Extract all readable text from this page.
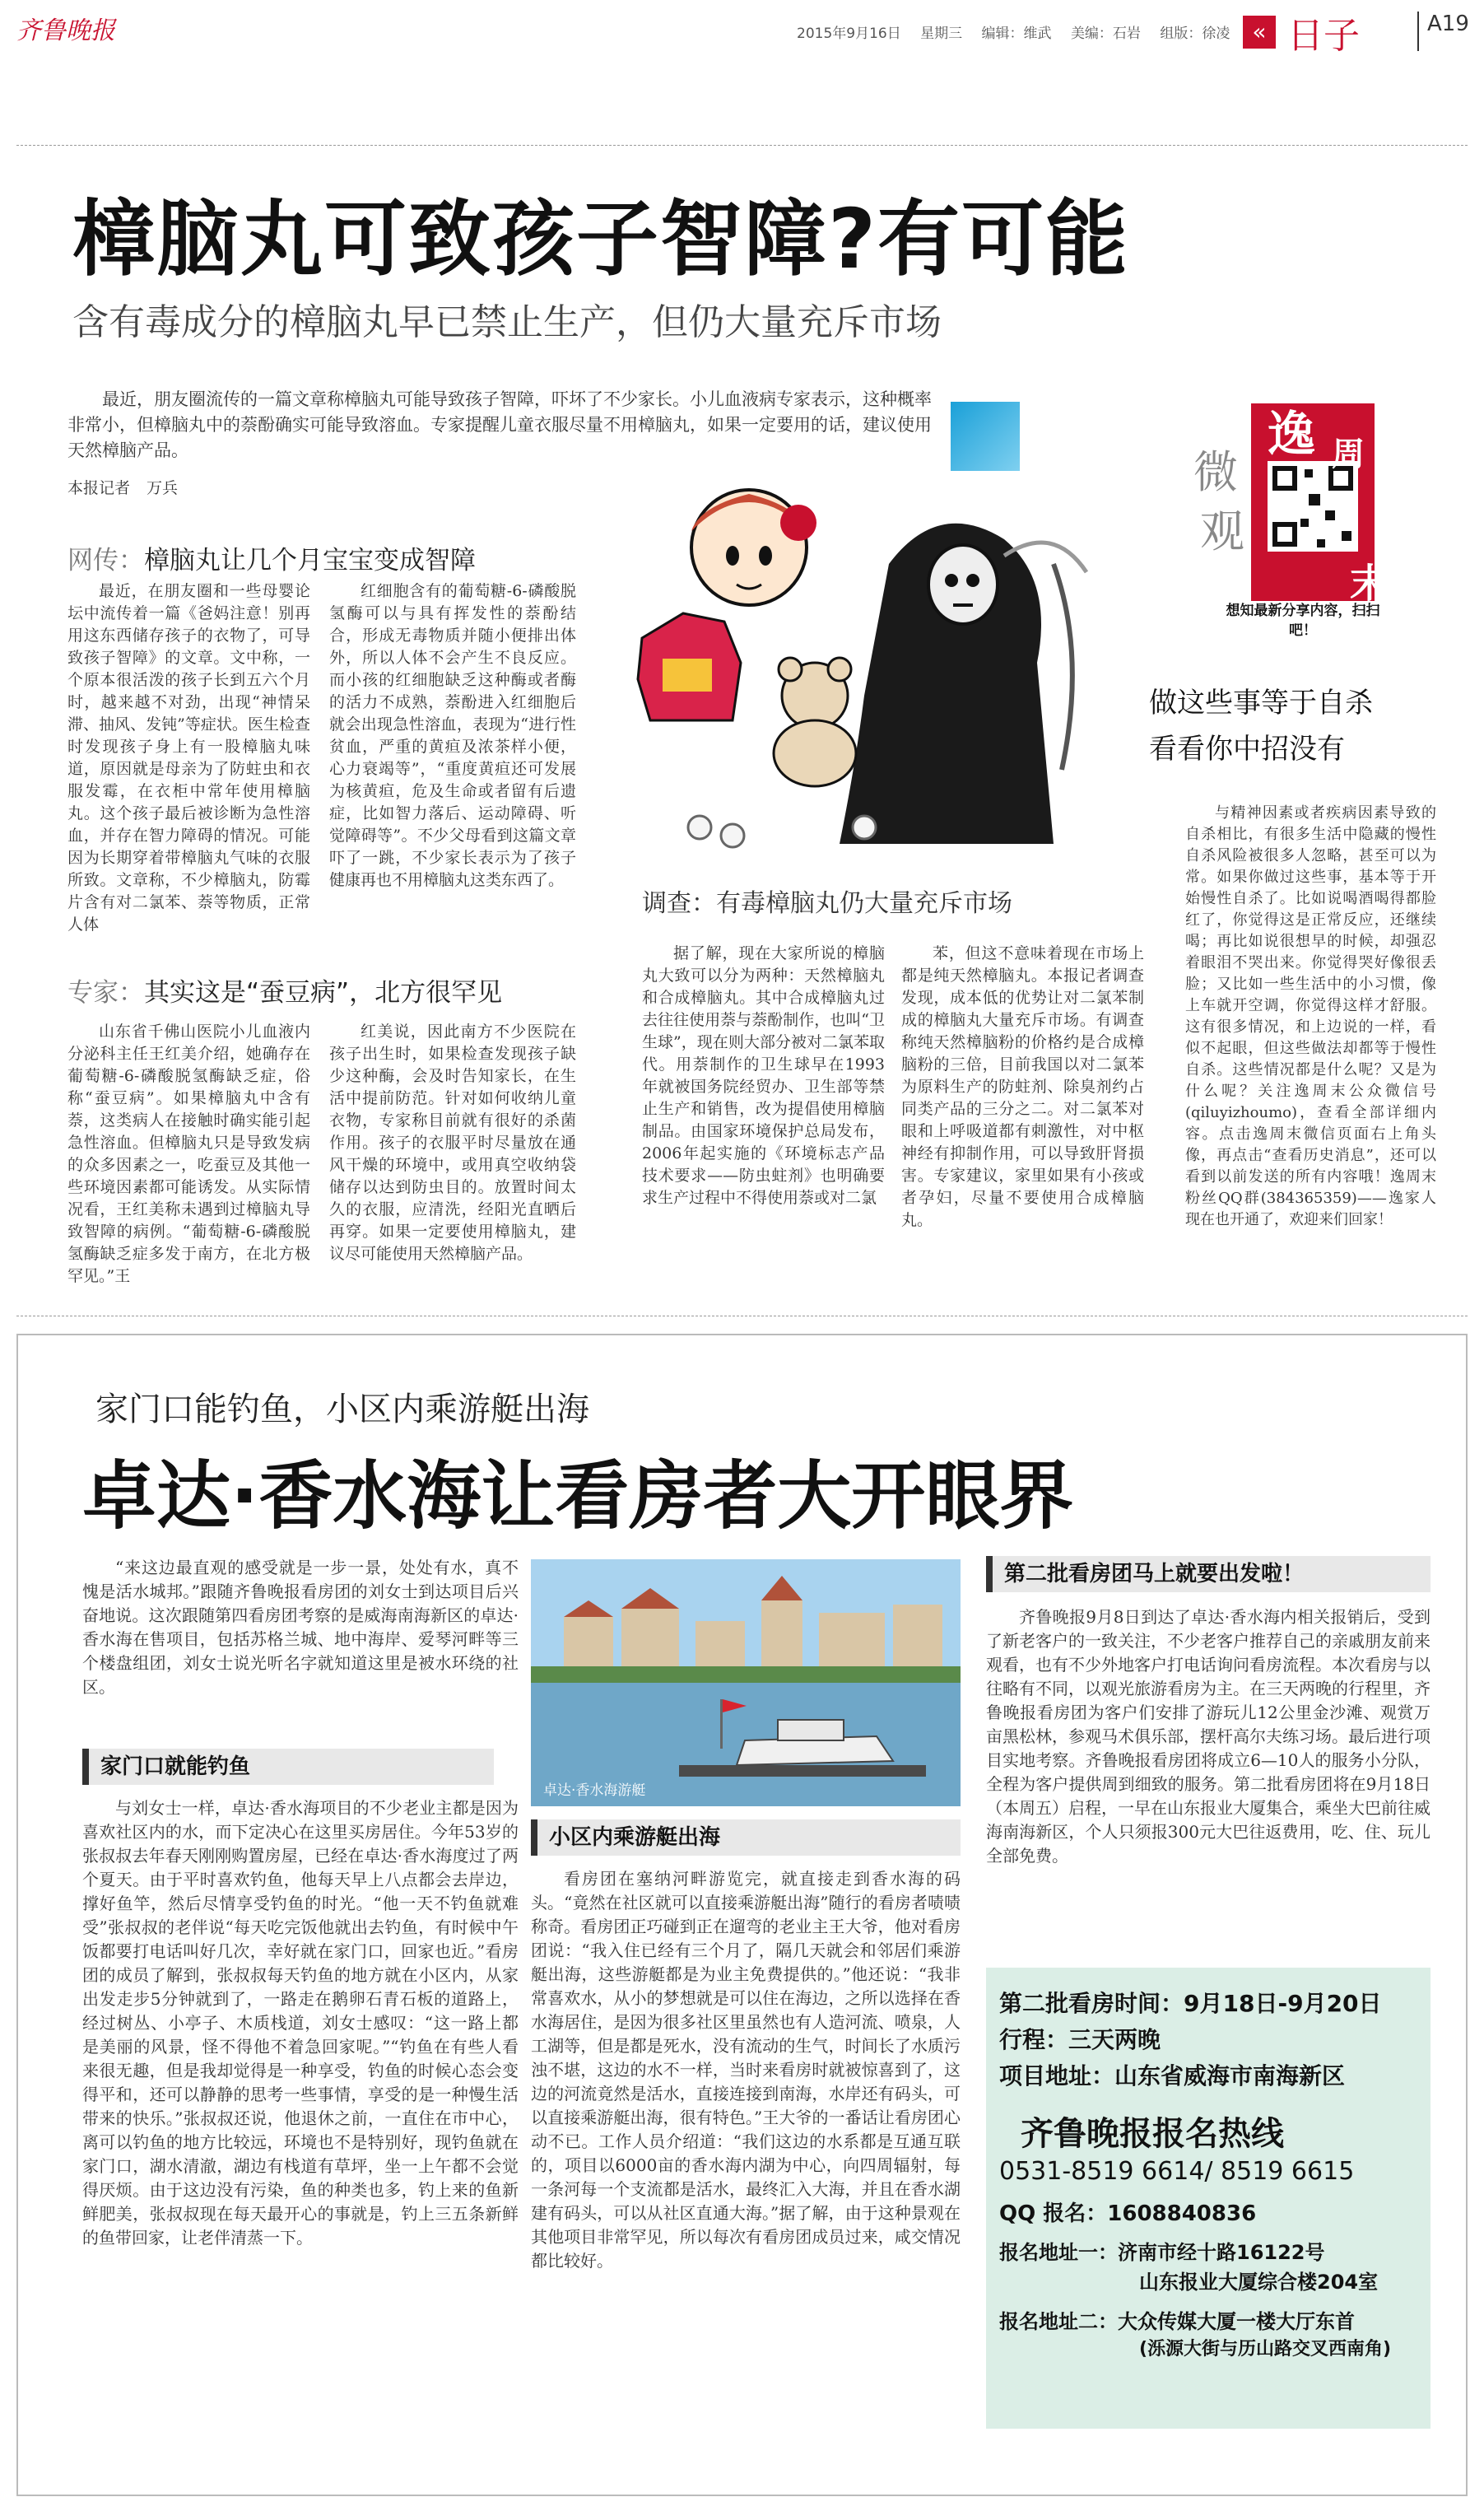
齐鲁晚报	2015年9月16日 星期三 编辑：维武 美编：石岩 组版：徐凌 « 日子	A19
樟脑丸可致孩子智障?有可能
含有毒成分的樟脑丸早已禁止生产，但仍大量充斥市场

最近，朋友圈流传的一篇文章称樟脑丸可能导致孩子智障，吓坏了不少家长。小儿血液病专家表示，这种概率非常小，但樟脑丸中的萘酚确实可能导致溶血。专家提醒儿童衣服尽量不用樟脑丸，如果一定要用的话，建议使用天然樟脑产品。

本报记者 万兵
网传：樟脑丸让几个月宝宝变成智障

最近，在朋友圈和一些母婴论坛中流传着一篇《爸妈注意！别再用这东西储存孩子的衣物了，可导致孩子智障》的文章。文中称，一个原本很活泼的孩子长到五六个月时，越来越不对劲，出现“神情呆滞、抽风、发钝”等症状。医生检查时发现孩子身上有一股樟脑丸味道，原因就是母亲为了防蛀虫和衣服发霉，在衣柜中常年使用樟脑丸。这个孩子最后被诊断为急性溶血，并存在智力障碍的情况。可能因为长期穿着带樟脑丸气味的衣服所致。文章称，不少樟脑丸，防霉片含有对二氯苯、萘等物质，正常人体

红细胞含有的葡萄糖-6-磷酸脱氢酶可以与具有挥发性的萘酚结合，形成无毒物质并随小便排出体外，所以人体不会产生不良反应。而小孩的红细胞缺乏这种酶或者酶的活力不成熟，萘酚进入红细胞后就会出现急性溶血，表现为“进行性贫血，严重的黄疸及浓茶样小便，心力衰竭等”，“重度黄疸还可发展为核黄疸，危及生命或者留有后遗症，比如智力落后、运动障碍、听觉障碍等”。不少父母看到这篇文章吓了一跳，不少家长表示为了孩子健康再也不用樟脑丸这类东西了。

专家：其实这是“蚕豆病”，北方很罕见

山东省千佛山医院小儿血液内分泌科主任王红美介绍，她确存在葡萄糖-6-磷酸脱氢酶缺乏症，俗称“蚕豆病”。如果樟脑丸中含有萘，这类病人在接触时确实能引起急性溶血。但樟脑丸只是导致发病的众多因素之一，吃蚕豆及其他一些环境因素都可能诱发。从实际情况看，王红美称未遇到过樟脑丸导致智障的病例。“葡萄糖-6-磷酸脱氢酶缺乏症多发于南方，在北方极罕见。”王

红美说，因此南方不少医院在孩子出生时，如果检查发现孩子缺少这种酶，会及时告知家长，在生活中提前防范。针对如何收纳儿童衣物，专家称目前就有很好的杀菌作用。孩子的衣服平时尽量放在通风干燥的环境中，或用真空收纳袋储存以达到防虫目的。放置时间太久的衣服，应清洗，经阳光直晒后再穿。如果一定要使用樟脑丸，建议尽可能使用天然樟脑产品。

调查：有毒樟脑丸仍大量充斥市场

据了解，现在大家所说的樟脑丸大致可以分为两种：天然樟脑丸和合成樟脑丸。其中合成樟脑丸过去往往使用萘与萘酚制作，也叫“卫生球”，现在则大部分被对二氯苯取代。用萘制作的卫生球早在1993年就被国务院经贸办、卫生部等禁止生产和销售，改为提倡使用樟脑制品。由国家环境保护总局发布，2006年起实施的《环境标志产品技术要求——防虫蛀剂》也明确要求生产过程中不得使用萘或对二氯

苯，但这不意味着现在市场上都是纯天然樟脑丸。本报记者调查发现，成本低的优势让对二氯苯制成的樟脑丸大量充斥市场。有调查称纯天然樟脑粉的价格约是合成樟脑粉的三倍，目前我国以对二氯苯为原料生产的防蛀剂、除臭剂约占同类产品的三分之二。对二氯苯对眼和上呼吸道都有刺激性，对中枢神经有抑制作用，可以导致肝肾损害。专家建议，家里如果有小孩或者孕妇，尽量不要使用合成樟脑丸。

微
观
逸 周
末
想知最新分享内容，扫扫吧！
做这些事等于自杀
看看你中招没有

与精神因素或者疾病因素导致的自杀相比，有很多生活中隐藏的慢性自杀风险被很多人忽略，甚至可以为常。如果你做过这些事，基本等于开始慢性自杀了。比如说喝酒喝得都脸红了，你觉得这是正常反应，还继续喝；再比如说很想早的时候，却强忍着眼泪不哭出来。你觉得哭好像很丢脸；又比如一些生活中的小习惯，像上车就开空调，你觉得这样才舒服。这有很多情况，和上边说的一样，看似不起眼，但这些做法却都等于慢性自杀。这些情况都是什么呢？又是为什么呢？关注逸周末公众微信号(qiluyizhoumo)，查看全部详细内容。点击逸周末微信页面右上角头像，再点击“查看历史消息”，还可以看到以前发送的所有内容哦！逸周末粉丝QQ群(384365359)——逸家人现在也开通了，欢迎来们回家！

家门口能钓鱼，小区内乘游艇出海
卓达·香水海让看房者大开眼界

“来这边最直观的感受就是一步一景，处处有水，真不愧是活水城邦。”跟随齐鲁晚报看房团的刘女士到达项目后兴奋地说。这次跟随第四看房团考察的是威海南海新区的卓达·香水海在售项目，包括苏格兰城、地中海岸、爱琴河畔等三个楼盘组团，刘女士说光听名字就知道这里是被水环绕的社区。

家门口就能钓鱼

与刘女士一样，卓达·香水海项目的不少老业主都是因为喜欢社区内的水，而下定决心在这里买房居住。今年53岁的张叔叔去年春天刚刚购置房屋，已经在卓达·香水海度过了两个夏天。由于平时喜欢钓鱼，他每天早上八点都会去岸边，撑好鱼竿，然后尽情享受钓鱼的时光。“他一天不钓鱼就难受”张叔叔的老伴说“每天吃完饭他就出去钓鱼，有时候中午饭都要打电话叫好几次，幸好就在家门口，回家也近。”看房团的成员了解到，张叔叔每天钓鱼的地方就在小区内，从家出发走步5分钟就到了，一路走在鹅卵石青石板的道路上，经过树丛、小亭子、木质栈道，刘女士感叹：“这一路上都是美丽的风景，怪不得他不着急回家呢。”“钓鱼在有些人看来很无趣，但是我却觉得是一种享受，钓鱼的时候心态会变得平和，还可以静静的思考一些事情，享受的是一种慢生活带来的快乐。”张叔叔还说，他退休之前，一直住在市中心，离可以钓鱼的地方比较远，环境也不是特别好，现钓鱼就在家门口，湖水清澈，湖边有栈道有草坪，坐一上午都不会觉得厌烦。由于这边没有污染，鱼的种类也多，钓上来的鱼新鲜肥美，张叔叔现在每天最开心的事就是，钓上三五条新鲜的鱼带回家，让老伴清蒸一下。

卓达·香水海游艇
小区内乘游艇出海

看房团在塞纳河畔游览完，就直接走到香水海的码头。“竟然在社区就可以直接乘游艇出海”随行的看房者啧啧称奇。看房团正巧碰到正在遛弯的老业主王大爷，他对看房团说：“我入住已经有三个月了，隔几天就会和邻居们乘游艇出海，这些游艇都是为业主免费提供的。”他还说：“我非常喜欢水，从小的梦想就是可以住在海边，之所以选择在香水海居住，是因为很多社区里虽然也有人造河流、喷泉，人工湖等，但是都是死水，没有流动的生气，时间长了水质污浊不堪，这边的水不一样，当时来看房时就被惊喜到了，这边的河流竟然是活水，直接连接到南海，水岸还有码头，可以直接乘游艇出海，很有特色。”王大爷的一番话让看房团心动不已。工作人员介绍道：“我们这边的水系都是互通互联的，项目以6000亩的香水海内湖为中心，向四周辐射，每一条河每一个支流都是活水，最终汇入大海，并且在香水湖建有码头，可以从社区直通大海。”据了解，由于这种景观在其他项目非常罕见，所以每次有看房团成员过来，咸交情况都比较好。

第二批看房团马上就要出发啦！

齐鲁晚报9月8日到达了卓达·香水海内相关报销后，受到了新老客户的一致关注，不少老客户推荐自己的亲戚朋友前来观看，也有不少外地客户打电话询问看房流程。本次看房与以往略有不同，以观光旅游看房为主。在三天两晚的行程里，齐鲁晚报看房团为客户们安排了游玩儿12公里金沙滩、观赏万亩黑松林，参观马术俱乐部，摆杆高尔夫练习场。最后进行项目实地考察。齐鲁晚报看房团将成立6—10人的服务小分队，全程为客户提供周到细致的服务。第二批看房团将在9月18日（本周五）启程，一早在山东报业大厦集合，乘坐大巴前往威海南海新区，个人只须报300元大巴往返费用，吃、住、玩儿全部免费。

第二批看房时间：9月18日-9月20日
行程：三天两晚
项目地址：山东省威海市南海新区
齐鲁晚报报名热线
0531-8519 6614/ 8519 6615
QQ 报名：1608840836
报名地址一：济南市经十路16122号
山东报业大厦综合楼204室
报名地址二：大众传媒大厦一楼大厅东首
(泺源大街与历山路交叉西南角)
